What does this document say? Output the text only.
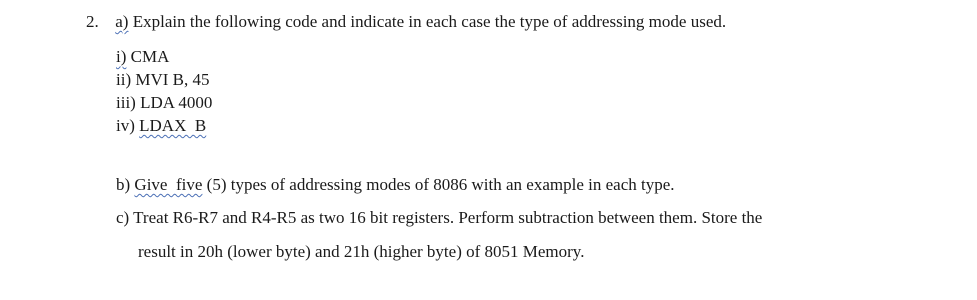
2. a) Explain the following code and indicate in each case the type of addressing mode used.
i) CMA
ii) MVI B, 45
iii) LDA 4000
iv) LDAX  B
b) Give  five (5) types of addressing modes of 8086 with an example in each type.
c) Treat R6-R7 and R4-R5 as two 16 bit registers. Perform subtraction between them. Store the
result in 20h (lower byte) and 21h (higher byte) of 8051 Memory.
